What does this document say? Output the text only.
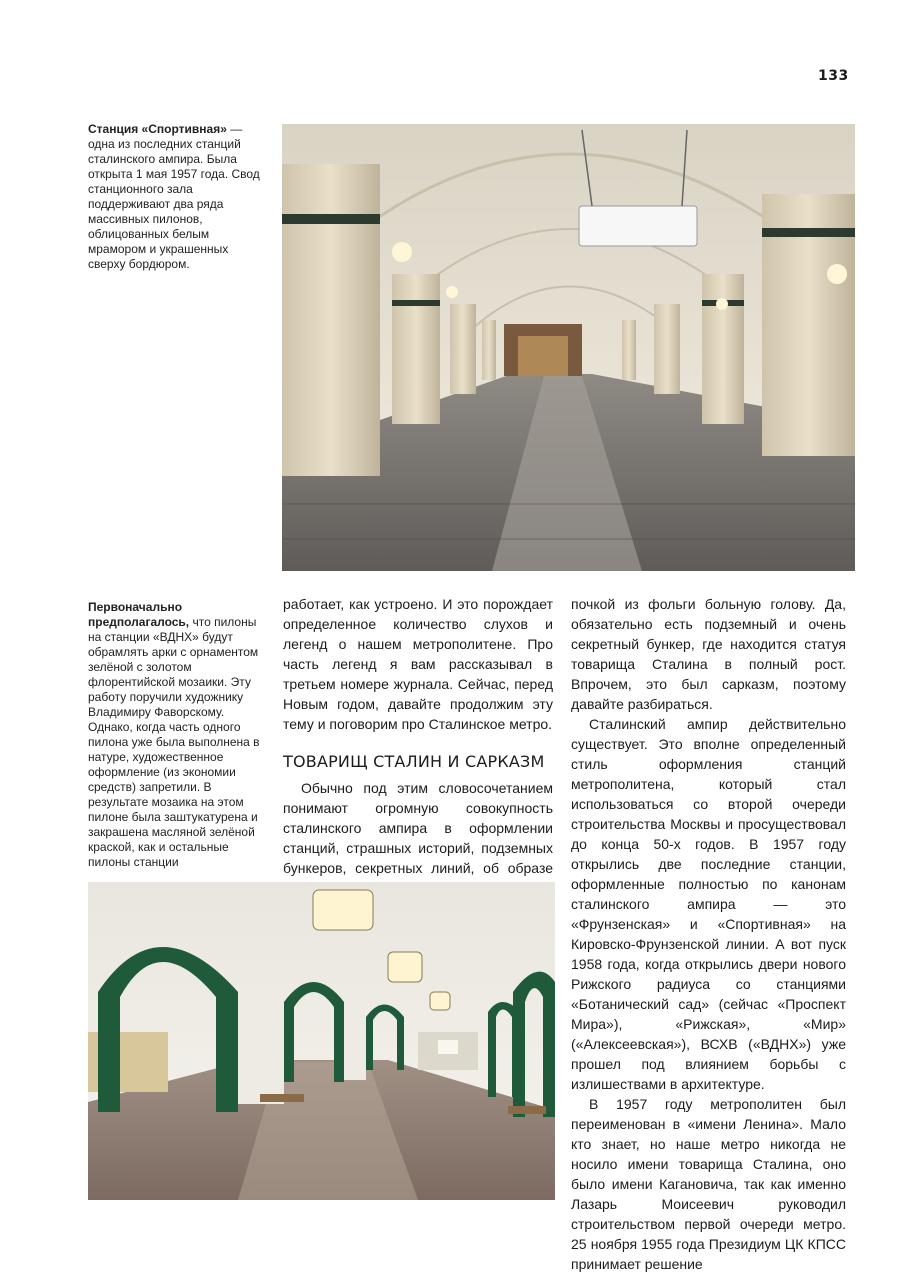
133
Станция «Спортивная» — одна из последних станций сталинского ампира. Была открыта 1 мая 1957 года. Свод станционного зала поддерживают два ряда массивных пилонов, облицованных белым мрамором и украшенных сверху бордюром.
Первоначально предполагалось, что пилоны на станции «ВДНХ» будут обрамлять арки с орнаментом зелёной с золотом флорентийской мозаики. Эту работу поручили художнику Владимиру Фаворскому. Однако, когда часть одного пилона уже была выполнена в натуре, художественное оформление (из экономии средств) запретили. В результате мозаика на этом пилоне была заштукатурена и закрашена масляной зелёной краской, как и остальные пилоны станции

работает, как устроено. И это порождает определенное количество слухов и легенд о нашем метрополитене. Про часть легенд я вам рассказывал в третьем номере журнала. Сейчас, перед Новым годом, давайте продолжим эту тему и поговорим про Сталинское метро.

ТОВАРИЩ СТАЛИН И САРКАЗМ

Обычно под этим словосочетанием понимают огромную совокупность сталинского ампира в оформлении станций, страшных историй, подземных бункеров, секретных линий, об образе

почкой из фольги больную голову. Да, обязательно есть подземный и очень секретный бункер, где находится статуя товарища Сталина в полный рост. Впрочем, это был сарказм, поэтому давайте разбираться.

Сталинский ампир действительно существует. Это вполне определенный стиль оформления станций метрополитена, который стал использоваться со второй очереди строительства Москвы и просуществовал до конца 50-х годов. В 1957 году открылись две последние станции, оформленные полностью по канонам сталинского ампира — это «Фрунзенская» и «Спортивная» на Кировско-Фрунзенской линии. А вот пуск 1958 года, когда открылись двери нового Рижского радиуса со станциями «Ботанический сад» (сейчас «Проспект Мира»), «Рижская», «Мир» («Алексеевская»), ВСХВ («ВДНХ») уже прошел под влиянием борьбы с излишествами в архитектуре.

В 1957 году метрополитен был переименован в «имени Ленина». Мало кто знает, но наше метро никогда не носило имени товарища Сталина, оно было имени Кагановича, так как именно Лазарь Моисеевич руководил строительством первой очереди метро. 25 ноября 1955 года Президиум ЦК КПСС принимает решение
